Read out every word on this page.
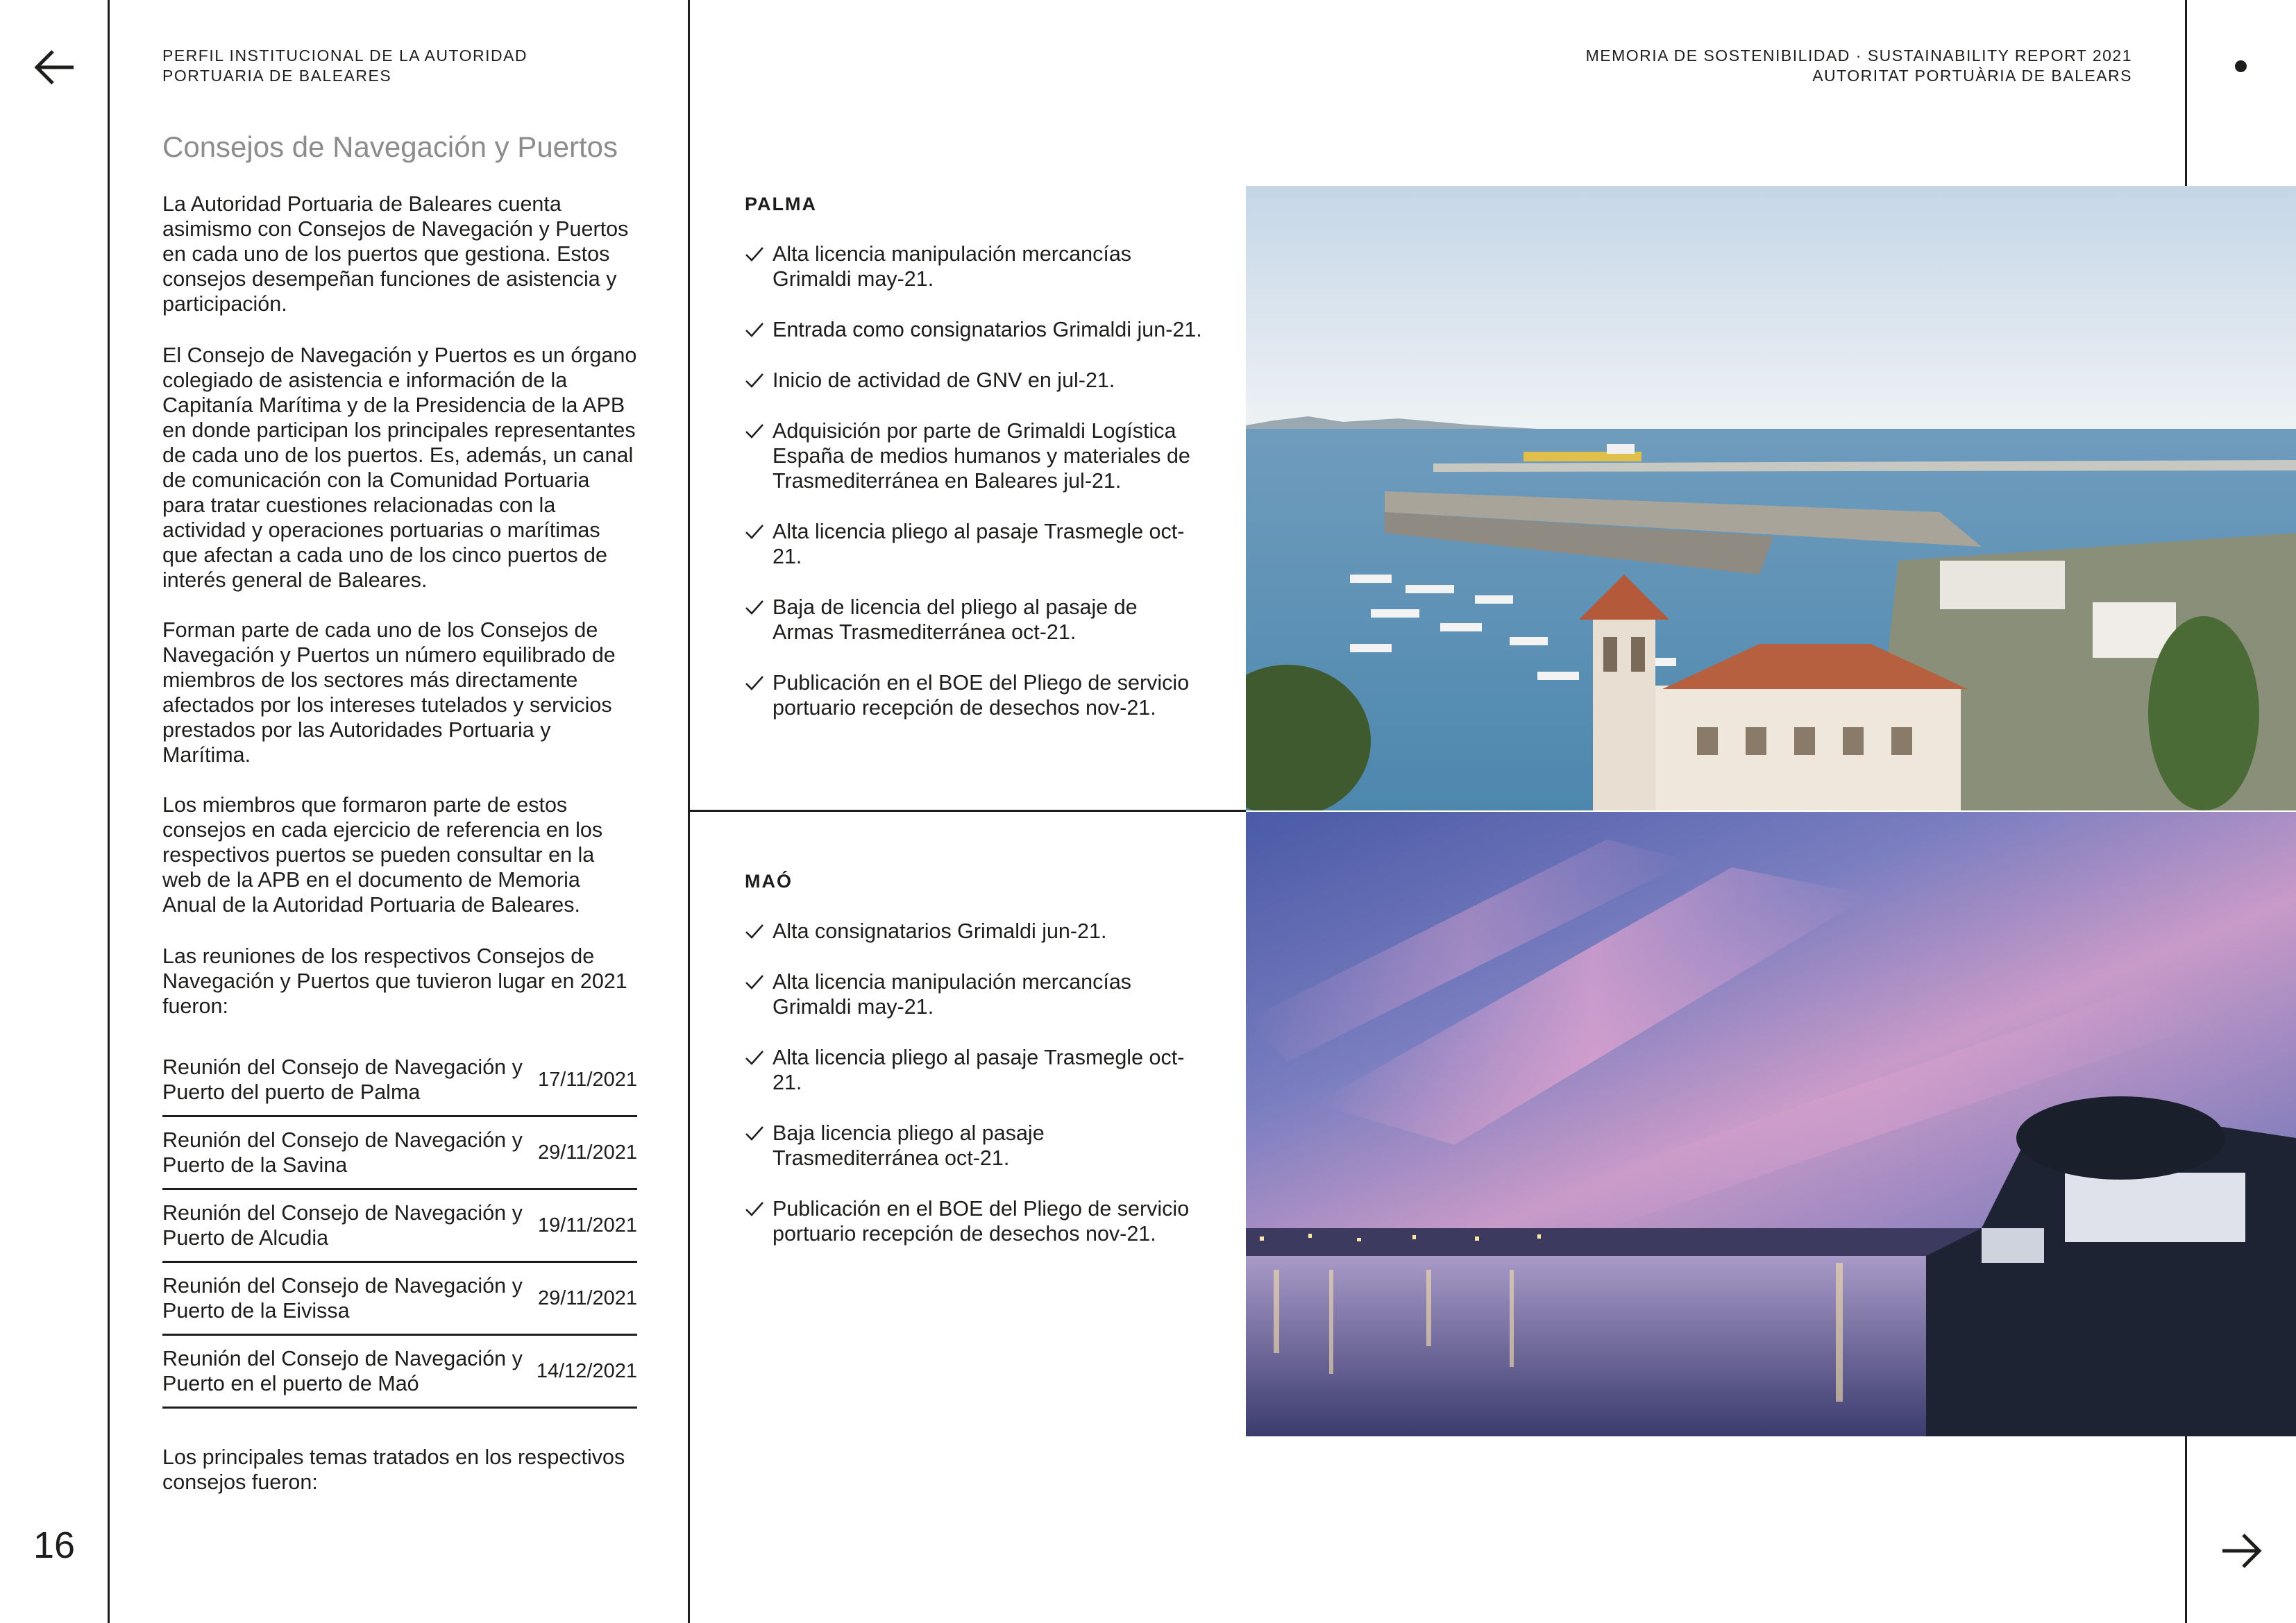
16
PERFIL INSTITUCIONAL DE LA AUTORIDAD
PORTUARIA DE BALEARES
MEMORIA DE SOSTENIBILIDAD · SUSTAINABILITY REPORT 2021
AUTORITAT PORTUÀRIA DE BALEARS
Consejos de Navegación y Puertos

La Autoridad Portuaria de Baleares cuenta asimismo con Consejos de Navegación y Puertos en cada uno de los puertos que gestiona. Estos consejos desempeñan funciones de asistencia y participación.

El Consejo de Navegación y Puertos es un órgano colegiado de asistencia e información de la Capitanía Marítima y de la Presidencia de la APB en donde participan los principales representantes de cada uno de los puertos. Es, además, un canal de comunicación con la Comunidad Portuaria para tratar cuestiones relacionadas con la actividad y operaciones portuarias o marítimas que afectan a cada uno de los cinco puertos de interés general de Baleares.

Forman parte de cada uno de los Consejos de Navegación y Puertos un número equilibrado de miembros de los sectores más directamente afectados por los intereses tutelados y servicios prestados por las Autoridades Portuaria y Marítima.

Los miembros que formaron parte de estos consejos en cada ejercicio de referencia en los respectivos puertos se pueden consultar en la web de la APB en el documento de Memoria Anual de la Autoridad Portuaria de Baleares.

Las reuniones de los respectivos Consejos de Navegación y Puertos que tuvieron lugar en 2021 fueron:

Reunión del Consejo de Navegación y Puerto del puerto de Palma
17/11/2021
Reunión del Consejo de Navegación y Puerto de la Savina
29/11/2021
Reunión del Consejo de Navegación y Puerto de Alcudia
19/11/2021
Reunión del Consejo de Navegación y Puerto de la Eivissa
29/11/2021
Reunión del Consejo de Navegación y Puerto en el puerto de Maó
14/12/2021

Los principales temas tratados en los respectivos consejos fueron:

PALMA
Alta licencia manipulación mercancías Grimaldi may-21.
Entrada como consignatarios Grimaldi jun-21.
Inicio de actividad de GNV en jul-21.
Adquisición por parte de Grimaldi Logística España de medios humanos y materiales de Trasmediterránea en Baleares jul-21.
Alta licencia pliego al pasaje Trasmegle oct-21.
Baja de licencia del pliego al pasaje de Armas Trasmediterránea oct-21.
Publicación en el BOE del Pliego de servicio portuario recepción de desechos nov-21.
MAÓ
Alta consignatarios Grimaldi jun-21.
Alta licencia manipulación mercancías Grimaldi may-21.
Alta licencia pliego al pasaje Trasmegle oct-21.
Baja licencia pliego al pasaje Trasmediterránea oct-21.
Publicación en el BOE del Pliego de servicio portuario recepción de desechos nov-21.
